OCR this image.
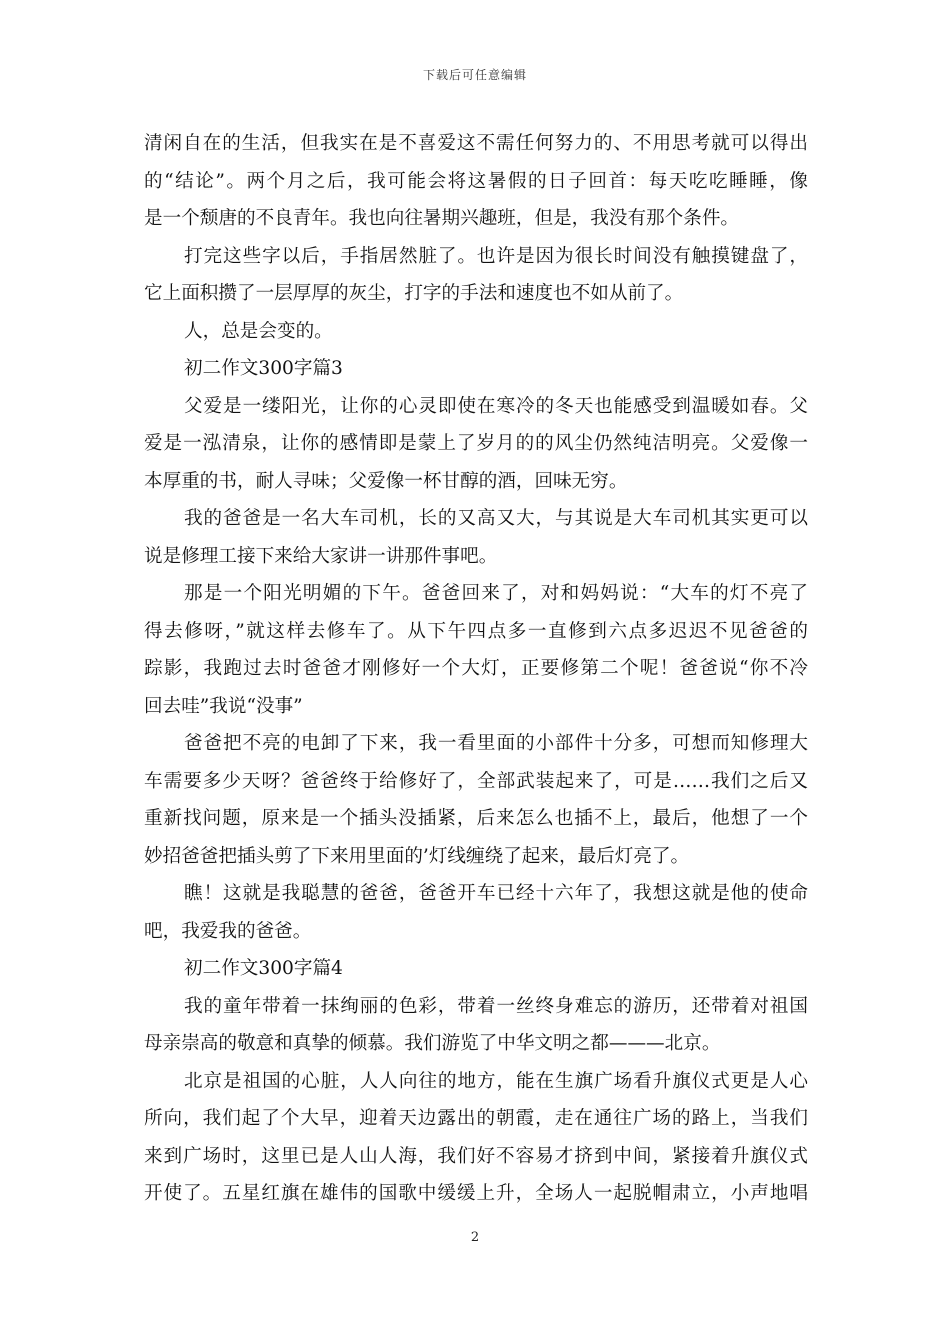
下载后可任意编辑
清闲自在的生活，但我实在是不喜爱这不需任何努力的、不用思考就可以得出
的“结论”。两个月之后，我可能会将这暑假的日子回首：每天吃吃睡睡，像
是一个颓唐的不良青年。我也向往暑期兴趣班，但是，我没有那个条件。
打完这些字以后，手指居然脏了。也许是因为很长时间没有触摸键盘了，
它上面积攒了一层厚厚的灰尘，打字的手法和速度也不如从前了。
人，总是会变的。
初二作文300字篇3
父爱是一缕阳光，让你的心灵即使在寒冷的冬天也能感受到温暖如春。父
爱是一泓清泉，让你的感情即是蒙上了岁月的的风尘仍然纯洁明亮。父爱像一
本厚重的书，耐人寻味；父爱像一杯甘醇的酒，回味无穷。
我的爸爸是一名大车司机，长的又高又大，与其说是大车司机其实更可以
说是修理工接下来给大家讲一讲那件事吧。
那是一个阳光明媚的下午。爸爸回来了，对和妈妈说：“大车的灯不亮了
得去修呀，”就这样去修车了。从下午四点多一直修到六点多迟迟不见爸爸的
踪影，我跑过去时爸爸才刚修好一个大灯，正要修第二个呢！爸爸说“你不冷
回去哇”我说“没事”
爸爸把不亮的电卸了下来，我一看里面的小部件十分多，可想而知修理大
车需要多少天呀？爸爸终于给修好了，全部武装起来了，可是……我们之后又
重新找问题，原来是一个插头没插紧，后来怎么也插不上，最后，他想了一个
妙招爸爸把插头剪了下来用里面的’灯线缠绕了起来，最后灯亮了。
瞧！这就是我聪慧的爸爸，爸爸开车已经十六年了，我想这就是他的使命
吧，我爱我的爸爸。
初二作文300字篇4
我的童年带着一抹绚丽的色彩，带着一丝终身难忘的游历，还带着对祖国
母亲崇高的敬意和真挚的倾慕。我们游览了中华文明之都———北京。
北京是祖国的心脏，人人向往的地方，能在生旗广场看升旗仪式更是人心
所向，我们起了个大早，迎着天边露出的朝霞，走在通往广场的路上，当我们
来到广场时，这里已是人山人海，我们好不容易才挤到中间，紧接着升旗仪式
开使了。五星红旗在雄伟的国歌中缓缓上升，全场人一起脱帽肃立，小声地唱
2
